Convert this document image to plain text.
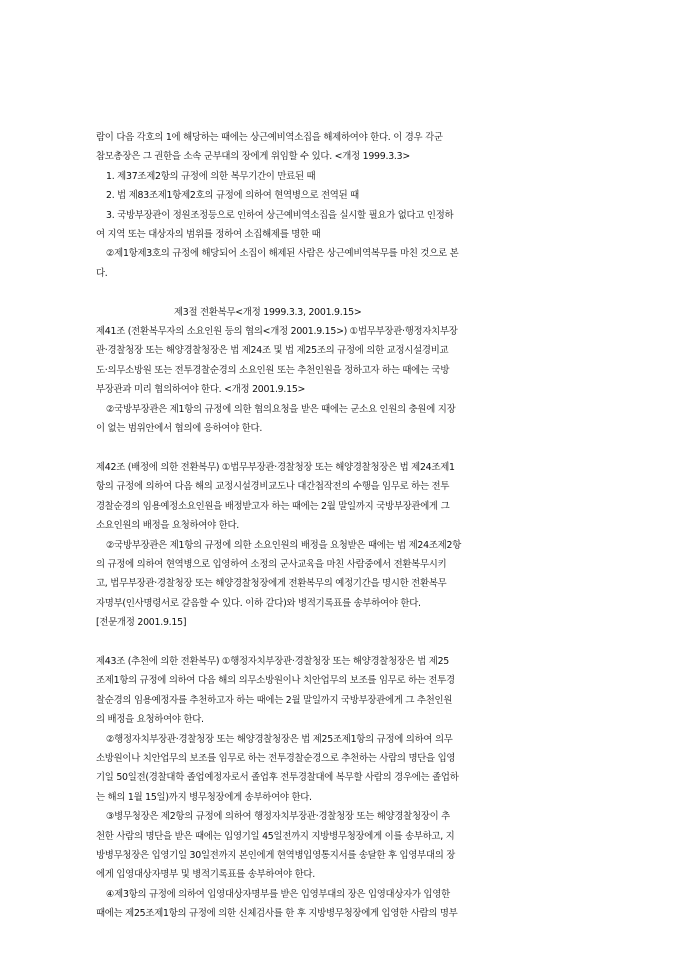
람이 다음 각호의 1에 해당하는 때에는 상근예비역소집을 해제하여야 한다. 이 경우 각군
참모총장은 그 권한을 소속 군부대의 장에게 위임할 수 있다. <개정 1999.3.3>
1. 제37조제2항의 규정에 의한 복무기간이 만료된 때
2. 법 제83조제1항제2호의 규정에 의하여 현역병으로 전역된 때
3. 국방부장관이 정원조정등으로 인하여 상근예비역소집을 실시할 필요가 없다고 인정하
여 지역 또는 대상자의 범위를 정하여 소집해제를 명한 때
②제1항제3호의 규정에 해당되어 소집이 해제된 사람은 상근예비역복무를 마친 것으로 본
다.
제3절 전환복무<개정 1999.3.3, 2001.9.15>
제41조 (전환복무자의 소요인원 등의 협의<개정 2001.9.15>) ①법무부장관·행정자치부장
관·경찰청장 또는 해양경찰청장은 법 제24조 및 법 제25조의 규정에 의한 교정시설경비교
도·의무소방원 또는 전투경찰순경의 소요인원 또는 추천인원을 정하고자 하는 때에는 국방
부장관과 미리 협의하여야 한다. <개정 2001.9.15>
②국방부장관은 제1항의 규정에 의한 협의요청을 받은 때에는 군소요 인원의 충원에 지장
이 없는 범위안에서 협의에 응하여야 한다.
제42조 (배정에 의한 전환복무) ①법무부장관·경찰청장 또는 해양경찰청장은 법 제24조제1
항의 규정에 의하여 다음 해의 교정시설경비교도나 대간첩작전의 수행을 임무로 하는 전투
경찰순경의 임용예정소요인원을 배정받고자 하는 때에는 2월 말일까지 국방부장관에게 그
소요인원의 배정을 요청하여야 한다.
②국방부장관은 제1항의 규정에 의한 소요인원의 배정을 요청받은 때에는 법 제24조제2항
의 규정에 의하여 현역병으로 입영하여 소정의 군사교육을 마친 사람중에서 전환복무시키
고, 법무부장관·경찰청장 또는 해양경찰청장에게 전환복무의 예정기간을 명시한 전환복무
자명부(인사명령서로 갈음할 수 있다. 이하 같다)와 병적기록표를 송부하여야 한다.
[전문개정 2001.9.15]
제43조 (추천에 의한 전환복무) ①행정자치부장관·경찰청장 또는 해양경찰청장은 법 제25
조제1항의 규정에 의하여 다음 해의 의무소방원이나 치안업무의 보조를 임무로 하는 전투경
찰순경의 임용예정자를 추천하고자 하는 때에는 2월 말일까지 국방부장관에게 그 추천인원
의 배정을 요청하여야 한다.
②행정자치부장관·경찰청장 또는 해양경찰청장은 법 제25조제1항의 규정에 의하여 의무
소방원이나 치안업무의 보조를 임무로 하는 전투경찰순경으로 추천하는 사람의 명단을 입영
기일 50일전(경찰대학 졸업예정자로서 졸업후 전투경찰대에 복무할 사람의 경우에는 졸업하
는 해의 1월 15일)까지 병무청장에게 송부하여야 한다.
③병무청장은 제2항의 규정에 의하여 행정자치부장관·경찰청장 또는 해양경찰청장이 추
천한 사람의 명단을 받은 때에는 입영기일 45일전까지 지방병무청장에게 이를 송부하고, 지
방병무청장은 입영기일 30일전까지 본인에게 현역병입영통지서를 송달한 후 입영부대의 장
에게 입영대상자명부 및 병적기록표를 송부하여야 한다.
④제3항의 규정에 의하여 입영대상자명부를 받은 입영부대의 장은 입영대상자가 입영한
때에는 제25조제1항의 규정에 의한 신체검사를 한 후 지방병무청장에게 입영한 사람의 명부
